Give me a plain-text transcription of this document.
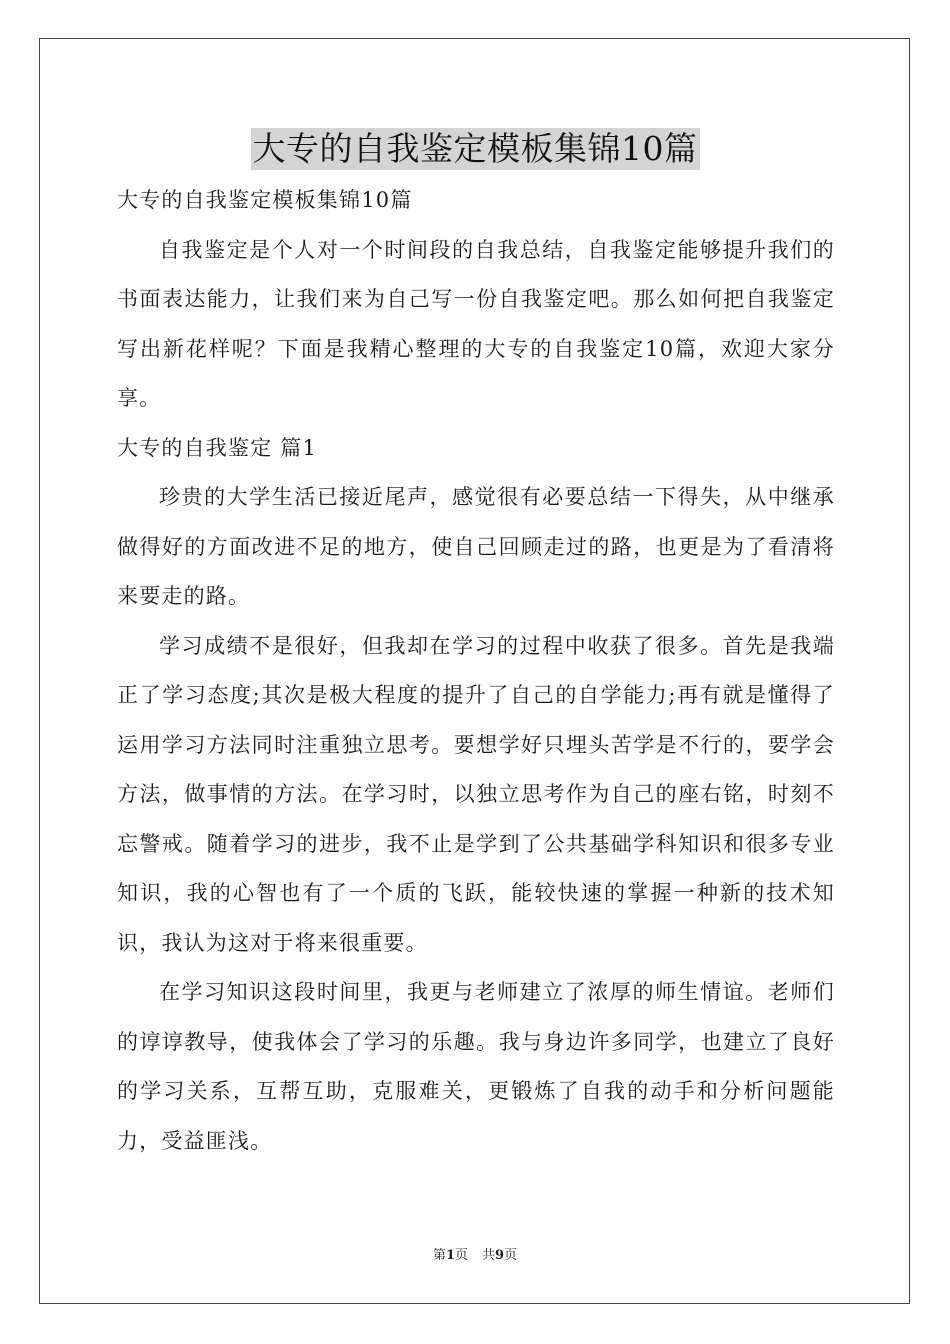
大专的自我鉴定模板集锦10篇

大专的自我鉴定模板集锦10篇

自我鉴定是个人对一个时间段的自我总结，自我鉴定能够提升我们的书面表达能力，让我们来为自己写一份自我鉴定吧。那么如何把自我鉴定写出新花样呢？下面是我精心整理的大专的自我鉴定10篇，欢迎大家分享。

大专的自我鉴定 篇1

珍贵的大学生活已接近尾声，感觉很有必要总结一下得失，从中继承做得好的方面改进不足的地方，使自己回顾走过的路，也更是为了看清将来要走的路。

学习成绩不是很好，但我却在学习的过程中收获了很多。首先是我端正了学习态度;其次是极大程度的提升了自己的自学能力;再有就是懂得了运用学习方法同时注重独立思考。要想学好只埋头苦学是不行的，要学会方法，做事情的方法。在学习时，以独立思考作为自己的座右铭，时刻不忘警戒。随着学习的进步，我不止是学到了公共基础学科知识和很多专业知识，我的心智也有了一个质的飞跃，能较快速的掌握一种新的技术知识，我认为这对于将来很重要。

在学习知识这段时间里，我更与老师建立了浓厚的师生情谊。老师们的谆谆教导，使我体会了学习的乐趣。我与身边许多同学，也建立了良好的学习关系，互帮互助，克服难关，更锻炼了自我的动手和分析问题能力，受益匪浅。

第1页 共9页
